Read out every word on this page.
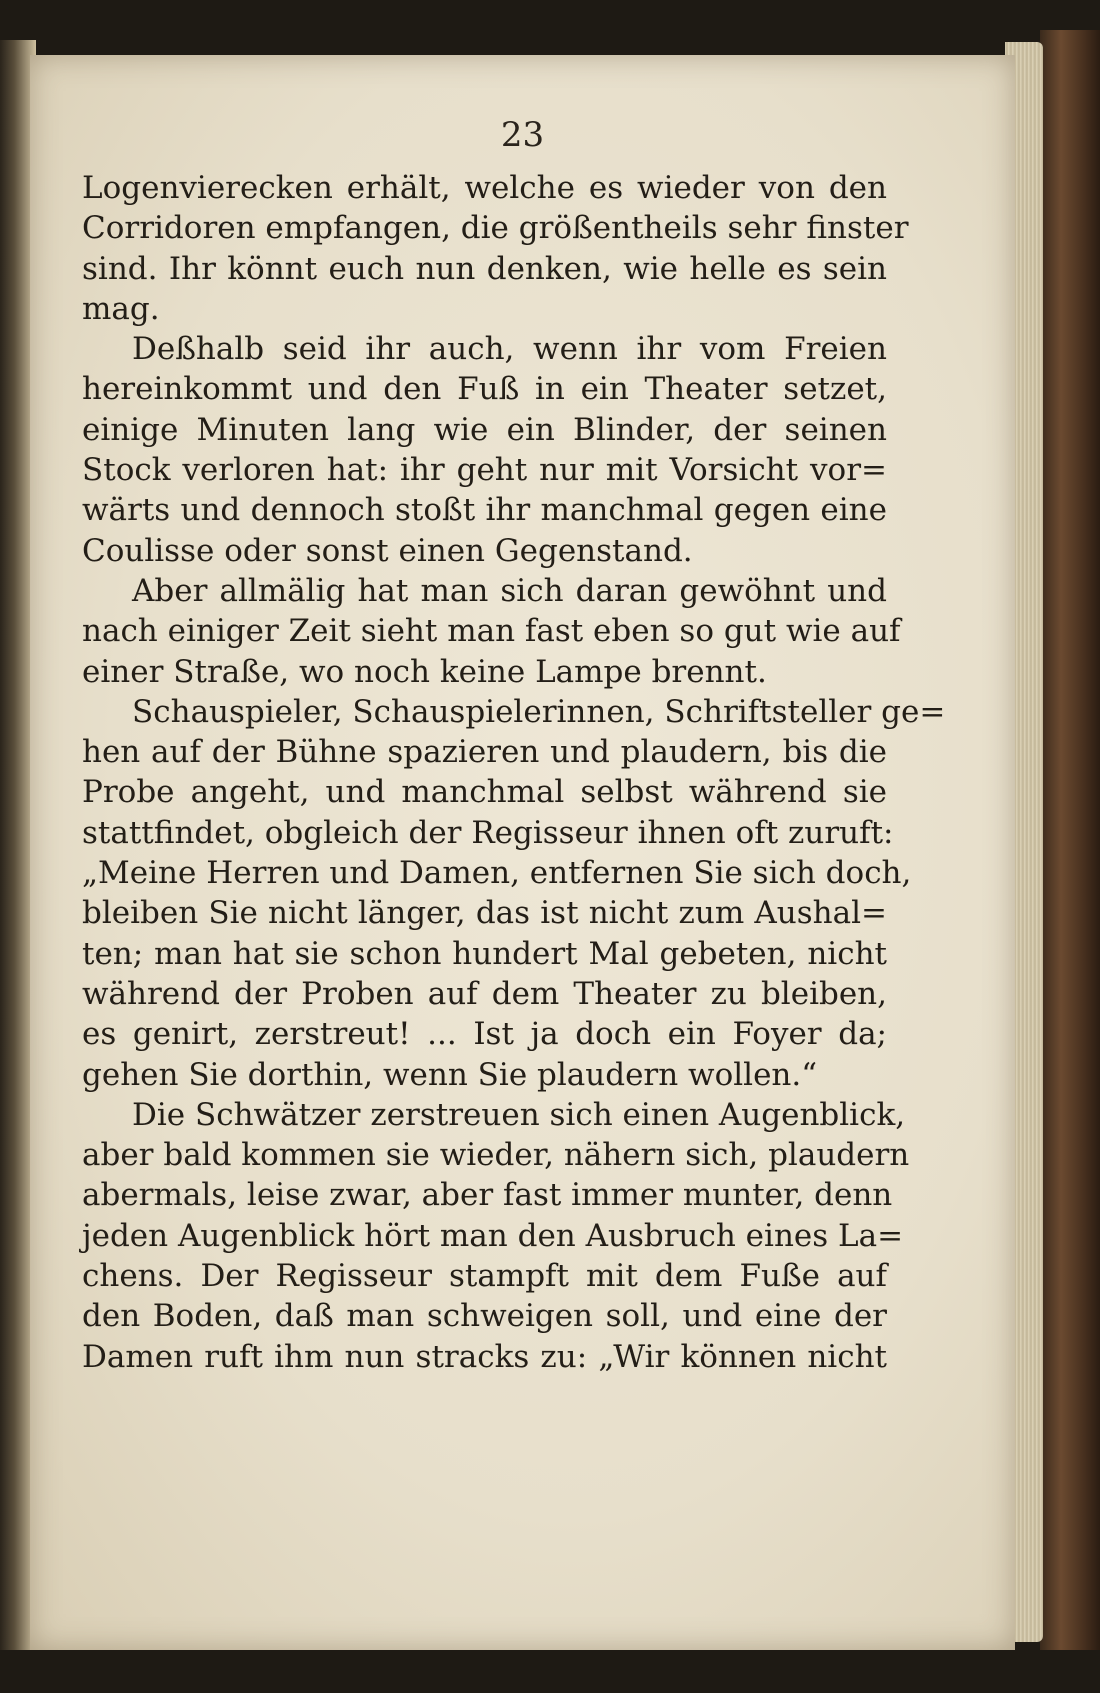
23
Logenvierecken erhält, welche es wieder von den
Corridoren empfangen, die größentheils sehr finster
sind. Ihr könnt euch nun denken, wie helle es sein
mag.
Deßhalb seid ihr auch, wenn ihr vom Freien
hereinkommt und den Fuß in ein Theater setzet,
einige Minuten lang wie ein Blinder, der seinen
Stock verloren hat: ihr geht nur mit Vorsicht vor=
wärts und dennoch stoßt ihr manchmal gegen eine
Coulisse oder sonst einen Gegenstand.
Aber allmälig hat man sich daran gewöhnt und
nach einiger Zeit sieht man fast eben so gut wie auf
einer Straße, wo noch keine Lampe brennt.
Schauspieler, Schauspielerinnen, Schriftsteller ge=
hen auf der Bühne spazieren und plaudern, bis die
Probe angeht, und manchmal selbst während sie
stattfindet, obgleich der Regisseur ihnen oft zuruft:
„Meine Herren und Damen, entfernen Sie sich doch,
bleiben Sie nicht länger, das ist nicht zum Aushal=
ten; man hat sie schon hundert Mal gebeten, nicht
während der Proben auf dem Theater zu bleiben,
es genirt, zerstreut! ... Ist ja doch ein Foyer da;
gehen Sie dorthin, wenn Sie plaudern wollen.“
Die Schwätzer zerstreuen sich einen Augenblick,
aber bald kommen sie wieder, nähern sich, plaudern
abermals, leise zwar, aber fast immer munter, denn
jeden Augenblick hört man den Ausbruch eines La=
chens. Der Regisseur stampft mit dem Fuße auf
den Boden, daß man schweigen soll, und eine der
Damen ruft ihm nun stracks zu: „Wir können nicht
